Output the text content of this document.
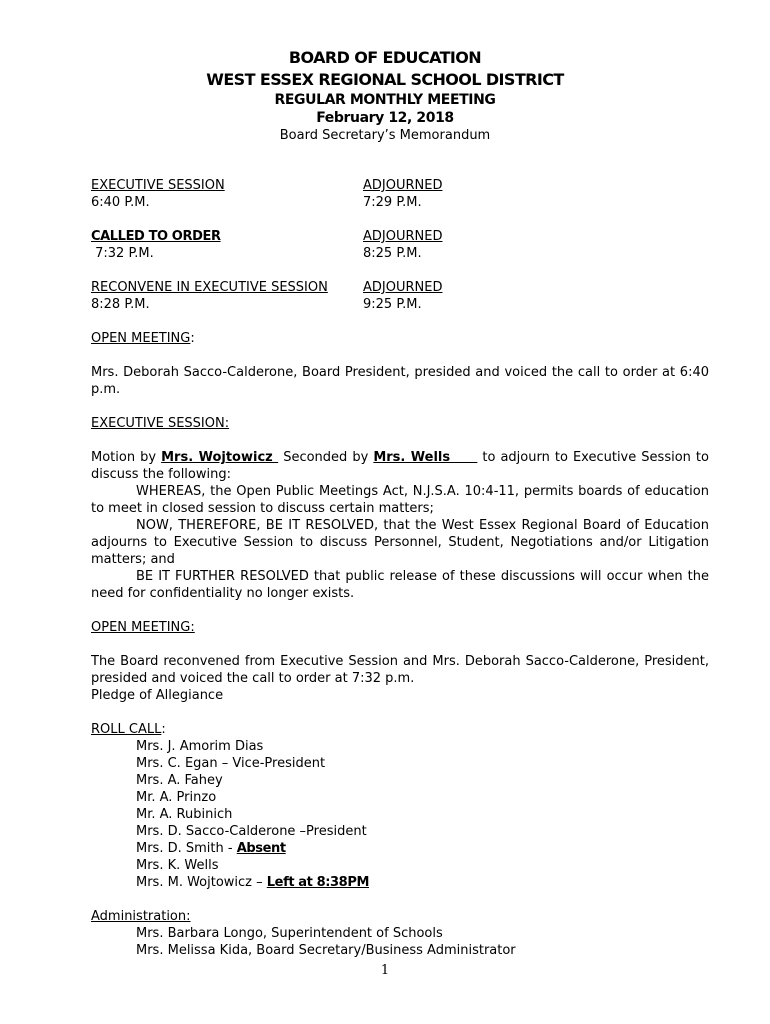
BOARD OF EDUCATION
WEST ESSEX REGIONAL SCHOOL DISTRICT
REGULAR MONTHLY MEETING
February 12, 2018
Board Secretary’s Memorandum
EXECUTIVE SESSION
6:40 P.M.
ADJOURNED
7:29 P.M.
CALLED TO ORDER
7:32 P.M.
ADJOURNED
8:25 P.M.
RECONVENE IN EXECUTIVE SESSION
8:28 P.M.
ADJOURNED
9:25 P.M.

OPEN MEETING:

Mrs. Deborah Sacco-Calderone, Board President, presided and voiced the call to order at 6:40 p.m.

EXECUTIVE SESSION:

Motion by Mrs. Wojtowicz  Seconded by Mrs. Wells      to adjourn to Executive Session to discuss the following:

WHEREAS, the Open Public Meetings Act, N.J.S.A. 10:4-11, permits boards of education to meet in closed session to discuss certain matters;

NOW, THEREFORE, BE IT RESOLVED, that the West Essex Regional Board of Education adjourns to Executive Session to discuss Personnel, Student, Negotiations and/or Litigation matters; and

BE IT FURTHER RESOLVED that public release of these discussions will occur when the need for confidentiality no longer exists.

OPEN MEETING:

The Board reconvened from Executive Session and Mrs. Deborah Sacco-Calderone, President, presided and voiced the call to order at 7:32 p.m.

Pledge of Allegiance

ROLL CALL:

Mrs. J. Amorim Dias
Mrs. C. Egan – Vice-President
Mrs. A. Fahey
Mr. A. Prinzo
Mr. A. Rubinich
Mrs. D. Sacco-Calderone –President
Mrs. D. Smith - Absent
Mrs. K. Wells
Mrs. M. Wojtowicz – Left at 8:38PM

Administration:

Mrs. Barbara Longo, Superintendent of Schools
Mrs. Melissa Kida, Board Secretary/Business Administrator
1
